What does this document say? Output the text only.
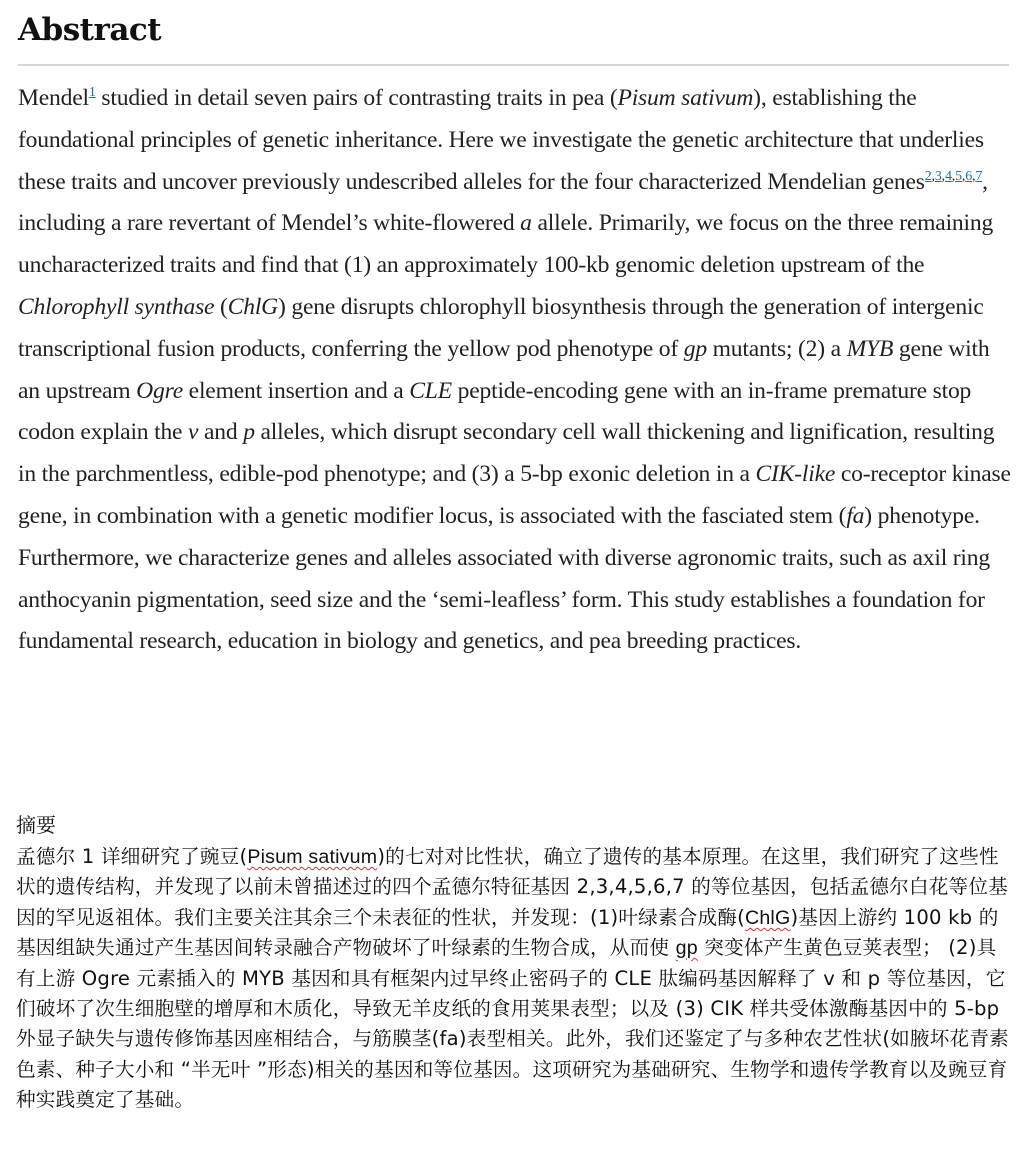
Abstract

Mendel$^1$ studied in detail seven pairs of contrasting traits in pea (Pisum sativum), establishing the foundational principles of genetic inheritance. Here we investigate the genetic architecture that underlies these traits and uncover previously undescribed alleles for the four characterized Mendelian genes$^{2,3,4,5,6,7}$, including a rare revertant of Mendel’s white-flowered a allele. Primarily, we focus on the three remaining uncharacterized traits and find that (1) an approximately 100-kb genomic deletion upstream of the Chlorophyll synthase (ChlG) gene disrupts chlorophyll biosynthesis through the generation of intergenic transcriptional fusion products, conferring the yellow pod phenotype of gp mutants; (2) a MYB gene with an upstream Ogre element insertion and a CLE peptide-encoding gene with an in-frame premature stop codon explain the v and p alleles, which disrupt secondary cell wall thickening and lignification, resulting in the parchmentless, edible-pod phenotype; and (3) a 5-bp exonic deletion in a CIK-like co-receptor kinase gene, in combination with a genetic modifier locus, is associated with the fasciated stem (fa) phenotype. Furthermore, we characterize genes and alleles associated with diverse agronomic traits, such as axil ring anthocyanin pigmentation, seed size and the ‘semi-leafless’ form. This study establishes a foundation for fundamental research, education in biology and genetics, and pea breeding practices.

摘要

孟德尔 1 详细研究了豌豆(Pisum sativum)的七对对比性状，确立了遗传的基本原理。在这里，我们研究了这些性状的遗传结构，并发现了以前未曾描述过的四个孟德尔特征基因 2,3,4,5,6,7 的等位基因，包括孟德尔白花等位基因的罕见返祖体。我们主要关注其余三个未表征的性状，并发现：(1)叶绿素合成酶(ChlG)基因上游约 100 kb 的基因组缺失通过产生基因间转录融合产物破坏了叶绿素的生物合成，从而使 gp 突变体产生黄色豆荚表型； (2)具有上游 Ogre 元素插入的 MYB 基因和具有框架内过早终止密码子的 CLE 肽编码基因解释了 v 和 p 等位基因，它们破坏了次生细胞壁的增厚和木质化，导致无羊皮纸的食用荚果表型；以及 (3) CIK 样共受体激酶基因中的 5-bp 外显子缺失与遗传修饰基因座相结合，与筋膜茎(fa)表型相关。此外，我们还鉴定了与多种农艺性状(如腋坏花青素色素、种子大小和 “半无叶 ”形态)相关的基因和等位基因。这项研究为基础研究、生物学和遗传学教育以及豌豆育种实践奠定了基础。
